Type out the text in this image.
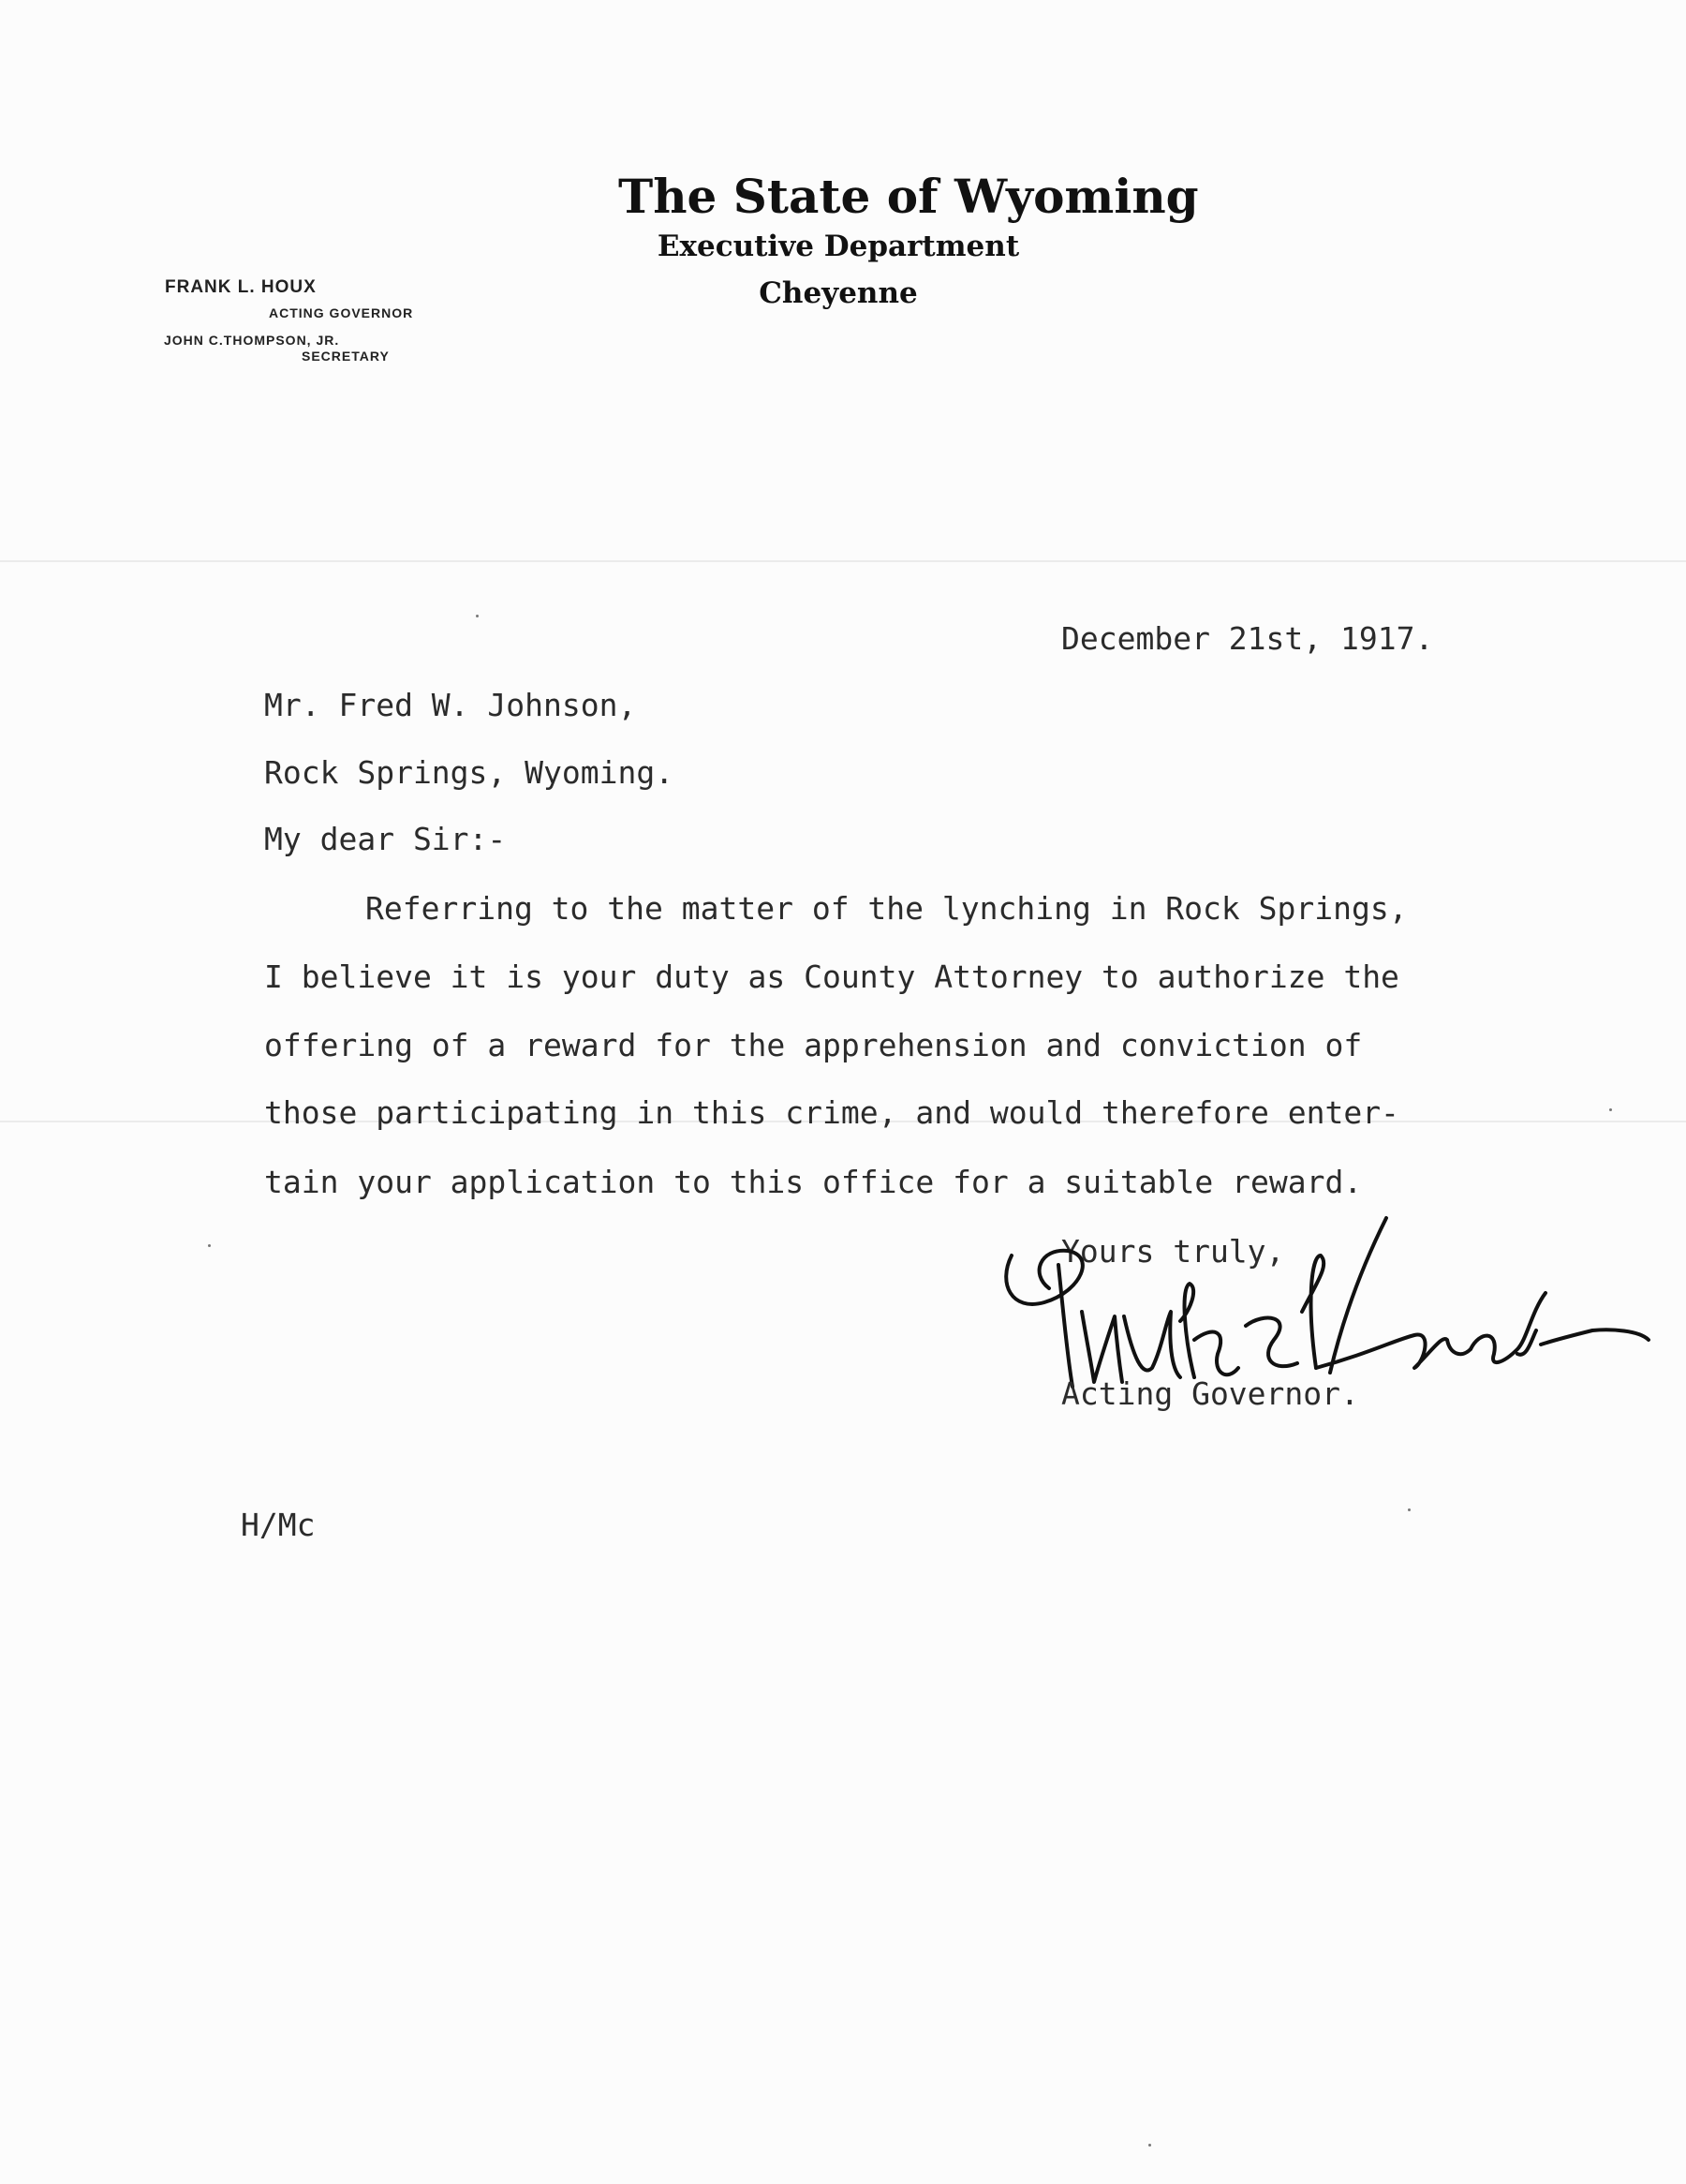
The State of Wyoming
Executive Department
Cheyenne
FRANK L. HOUX
ACTING GOVERNOR
JOHN C.THOMPSON, JR.
SECRETARY
December 21st, 1917.
Mr. Fred W. Johnson,
Rock Springs, Wyoming.
My dear Sir:-
Referring to the matter of the lynching in Rock Springs,
I believe it is your duty as County Attorney to authorize the
offering of a reward for the apprehension and conviction of
those participating in this crime, and would therefore enter-
tain your application to this office for a suitable reward.
Yours truly,
Acting Governor.
H/Mc
